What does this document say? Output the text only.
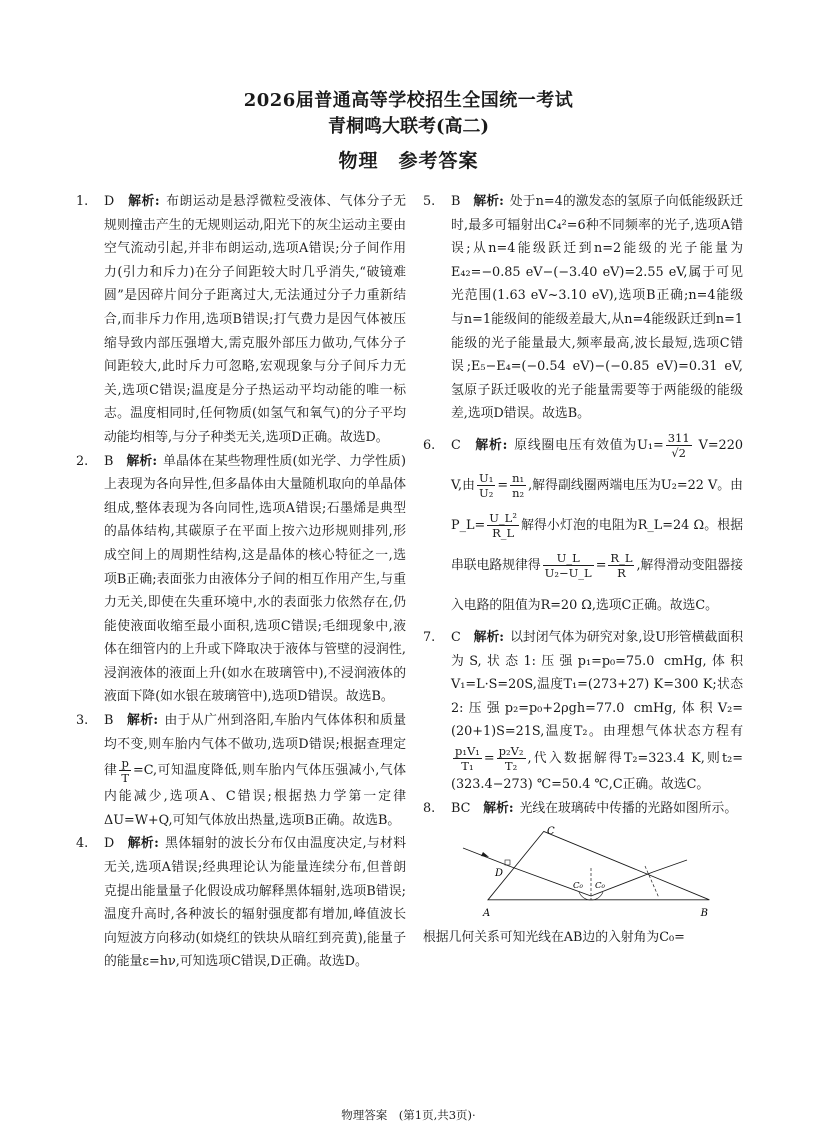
2026届普通高等学校招生全国统一考试
青桐鸣大联考(高二)
物理　参考答案

1. D　 解析: 布朗运动是悬浮微粒受液体、气体分子无规则撞击产生的无规则运动,阳光下的灰尘运动主要由空气流动引起,并非布朗运动,选项A错误;分子间作用力(引力和斥力)在分子间距较大时几乎消失,“破镜难圆”是因碎片间分子距离过大,无法通过分子力重新结合,而非斥力作用,选项B错误;打气费力是因气体被压缩导致内部压强增大,需克服外部压力做功,气体分子间距较大,此时斥力可忽略,宏观现象与分子间斥力无关,选项C错误;温度是分子热运动平均动能的唯一标志。温度相同时,任何物质(如氢气和氧气)的分子平均动能均相等,与分子种类无关,选项D正确。故选D。

2. B　 解析: 单晶体在某些物理性质(如光学、力学性质)上表现为各向异性,但多晶体由大量随机取向的单晶体组成,整体表现为各向同性,选项A错误;石墨烯是典型的晶体结构,其碳原子在平面上按六边形规则排列,形成空间上的周期性结构,这是晶体的核心特征之一,选项B正确;表面张力由液体分子间的相互作用产生,与重力无关,即使在失重环境中,水的表面张力依然存在,仍能使液面收缩至最小面积,选项C错误;毛细现象中,液体在细管内的上升或下降取决于液体与管壁的浸润性,浸润液体的液面上升(如水在玻璃管中),不浸润液体的液面下降(如水银在玻璃管中),选项D错误。故选B。

3. B　 解析: 由于从广州到洛阳,车胎内气体体积和质量均不变,则车胎内气体不做功,选项D错误;根据查理定律 $\frac{p}{T} =C$,可知温度降低,则车胎内气体压强减小,气体内能减少,选项A、C错误;根据热力学第一定律ΔU=W+Q,可知气体放出热量,选项B正确。故选B。

4. D　 解析: 黑体辐射的波长分布仅由温度决定,与材料无关,选项A错误;经典理论认为能量连续分布,但普朗克提出能量量子化假设成功解释黑体辐射,选项B错误;温度升高时,各种波长的辐射强度都有增加,峰值波长向短波方向移动(如烧红的铁块从暗红到亮黄),能量子的能量ε=hν,可知选项C错误,D正确。故选D。

5. B　 解析: 处于n=4的激发态的氢原子向低能级跃迁时,最多可辐射出C₄²=6种不同频率的光子,选项A错误;从n=4能级跃迁到n=2能级的光子能量为E₄₂=−0.85 eV−(−3.40 eV)=2.55 eV,属于可见光范围(1.63 eV~3.10 eV),选项B正确;n=4能级与n=1能级间的能级差最大,从n=4能级跃迁到n=1能级的光子能量最大,频率最高,波长最短,选项C错误;E₅−E₄=(−0.54 eV)−(−0.85 eV)=0.31 eV,氢原子跃迁吸收的光子能量需要等于两能级的能级差,选项D错误。故选B。

6. C　 解析: 原线圈电压有效值为$U_1= \frac{311}{√2} V=220$ V,由 $\frac{\text{U₁}}{\text{U₂}} = \frac{\text{n₁}}{\text{n₂}}$ ,解得副线圈两端电压为U₂=22 V。由P_L= $\frac{\text{U\_L²}}{R\_L}$ 解得小灯泡的电阻为R_L=24 Ω。根据串联电路规律得 $\frac{U\_L}{\text{U₂−U\_L}} = \frac{R\_L}{R}$ ,解得滑动变阻器接入电路的阻值为R=20 Ω,选项C正确。故选C。

7. C　 解析: 以封闭气体为研究对象,设U形管横截面积为S,状态1:压强p₁=p₀=75.0 cmHg,体积V₁=L·S=20S,温度T₁=(273+27) K=300 K;状态2:压强p₂=p₀+2ρgh=77.0 cmHg,体积V₂=(20+1)S=21S,温度T₂。由理想气体状态方程有
$\frac{\text{p₁V₁}}{\text{T₁}} = \frac{\text{p₂V₂}}{\text{T₂}}$ ,代入数据解得T₂=323.4 K,则t₂=(323.4−273) ℃=50.4 ℃,C正确。故选C。

8. BC　 解析: 光线在玻璃砖中传播的光路如图所示。

A	B
C
D
C₀ C₀

根据几何关系可知光线在AB边的入射角为C₀=

物理答案　(第1页,共3页)·
